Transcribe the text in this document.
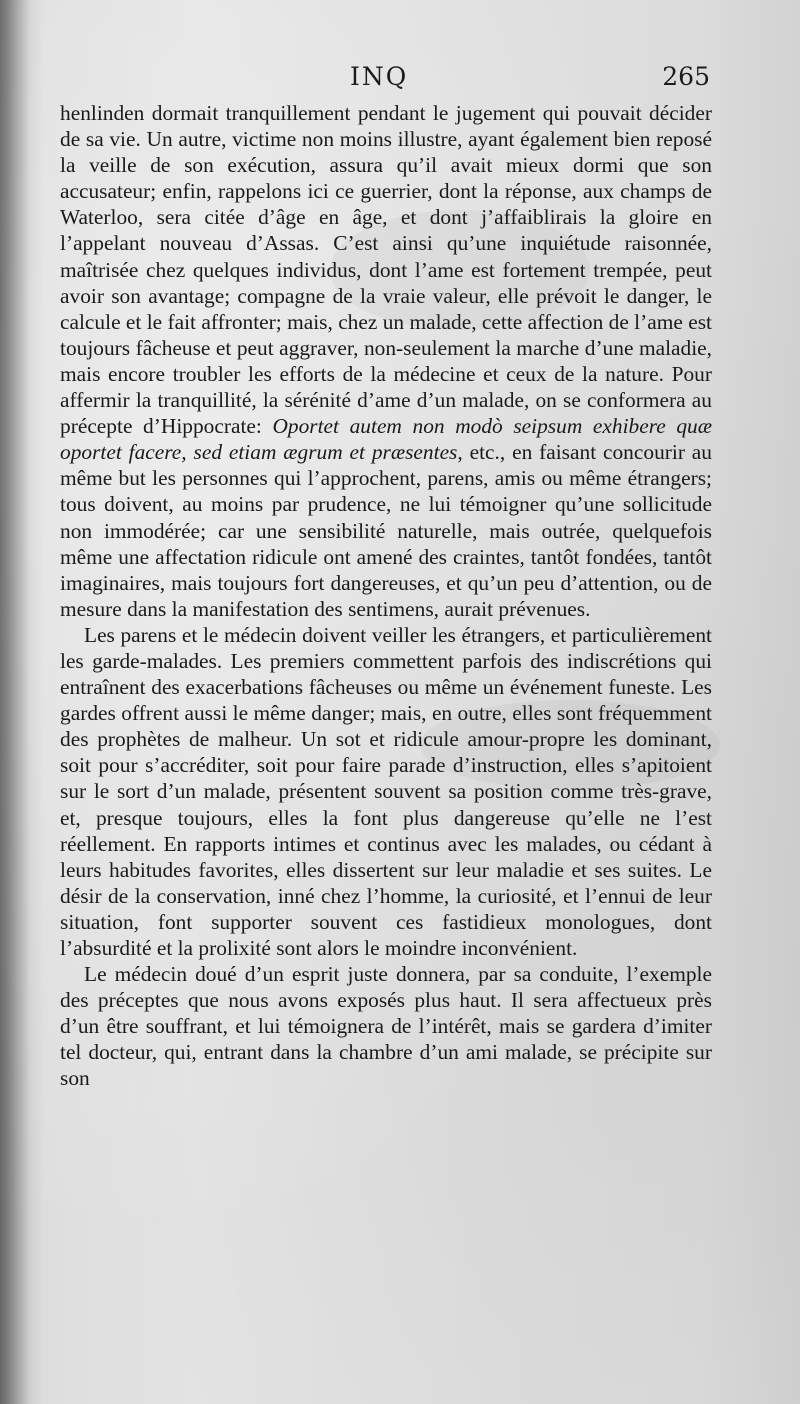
INQ	265

henlinden dormait tranquillement pendant le jugement qui pouvait décider de sa vie. Un autre, victime non moins illustre, ayant également bien reposé la veille de son exécution, assura qu’il avait mieux dormi que son accusateur; enfin, rappelons ici ce guerrier, dont la réponse, aux champs de Waterloo, sera citée d’âge en âge, et dont j’affaiblirais la gloire en l’appelant nouveau d’Assas. C’est ainsi qu’une inquiétude raisonnée, maîtrisée chez quelques individus, dont l’ame est fortement trempée, peut avoir son avantage; compagne de la vraie valeur, elle prévoit le danger, le calcule et le fait affronter; mais, chez un malade, cette affection de l’ame est toujours fâcheuse et peut aggraver, non-seulement la marche d’une maladie, mais encore troubler les efforts de la médecine et ceux de la nature. Pour affermir la tranquillité, la sérénité d’ame d’un malade, on se conformera au précepte d’Hippocrate: Oportet autem non modò seipsum exhibere quæ oportet facere, sed etiam ægrum et præsentes, etc., en faisant concourir au même but les personnes qui l’approchent, parens, amis ou même étrangers; tous doivent, au moins par prudence, ne lui témoigner qu’une sollicitude non immodérée; car une sensibilité naturelle, mais outrée, quelquefois même une affectation ridicule ont amené des craintes, tantôt fondées, tantôt imaginaires, mais toujours fort dangereuses, et qu’un peu d’attention, ou de mesure dans la manifestation des sentimens, aurait prévenues.

Les parens et le médecin doivent veiller les étrangers, et particulièrement les garde-malades. Les premiers commettent parfois des indiscrétions qui entraînent des exacerbations fâcheuses ou même un événement funeste. Les gardes offrent aussi le même danger; mais, en outre, elles sont fréquemment des prophètes de malheur. Un sot et ridicule amour-propre les dominant, soit pour s’accréditer, soit pour faire parade d’instruction, elles s’apitoient sur le sort d’un malade, présentent souvent sa position comme très-grave, et, presque toujours, elles la font plus dangereuse qu’elle ne l’est réellement. En rapports intimes et continus avec les malades, ou cédant à leurs habitudes favorites, elles dissertent sur leur maladie et ses suites. Le désir de la conservation, inné chez l’homme, la curiosité, et l’ennui de leur situation, font supporter souvent ces fastidieux monologues, dont l’absurdité et la prolixité sont alors le moindre inconvénient.

Le médecin doué d’un esprit juste donnera, par sa conduite, l’exemple des préceptes que nous avons exposés plus haut. Il sera affectueux près d’un être souffrant, et lui témoignera de l’intérêt, mais se gardera d’imiter tel docteur, qui, entrant dans la chambre d’un ami malade, se précipite sur son
